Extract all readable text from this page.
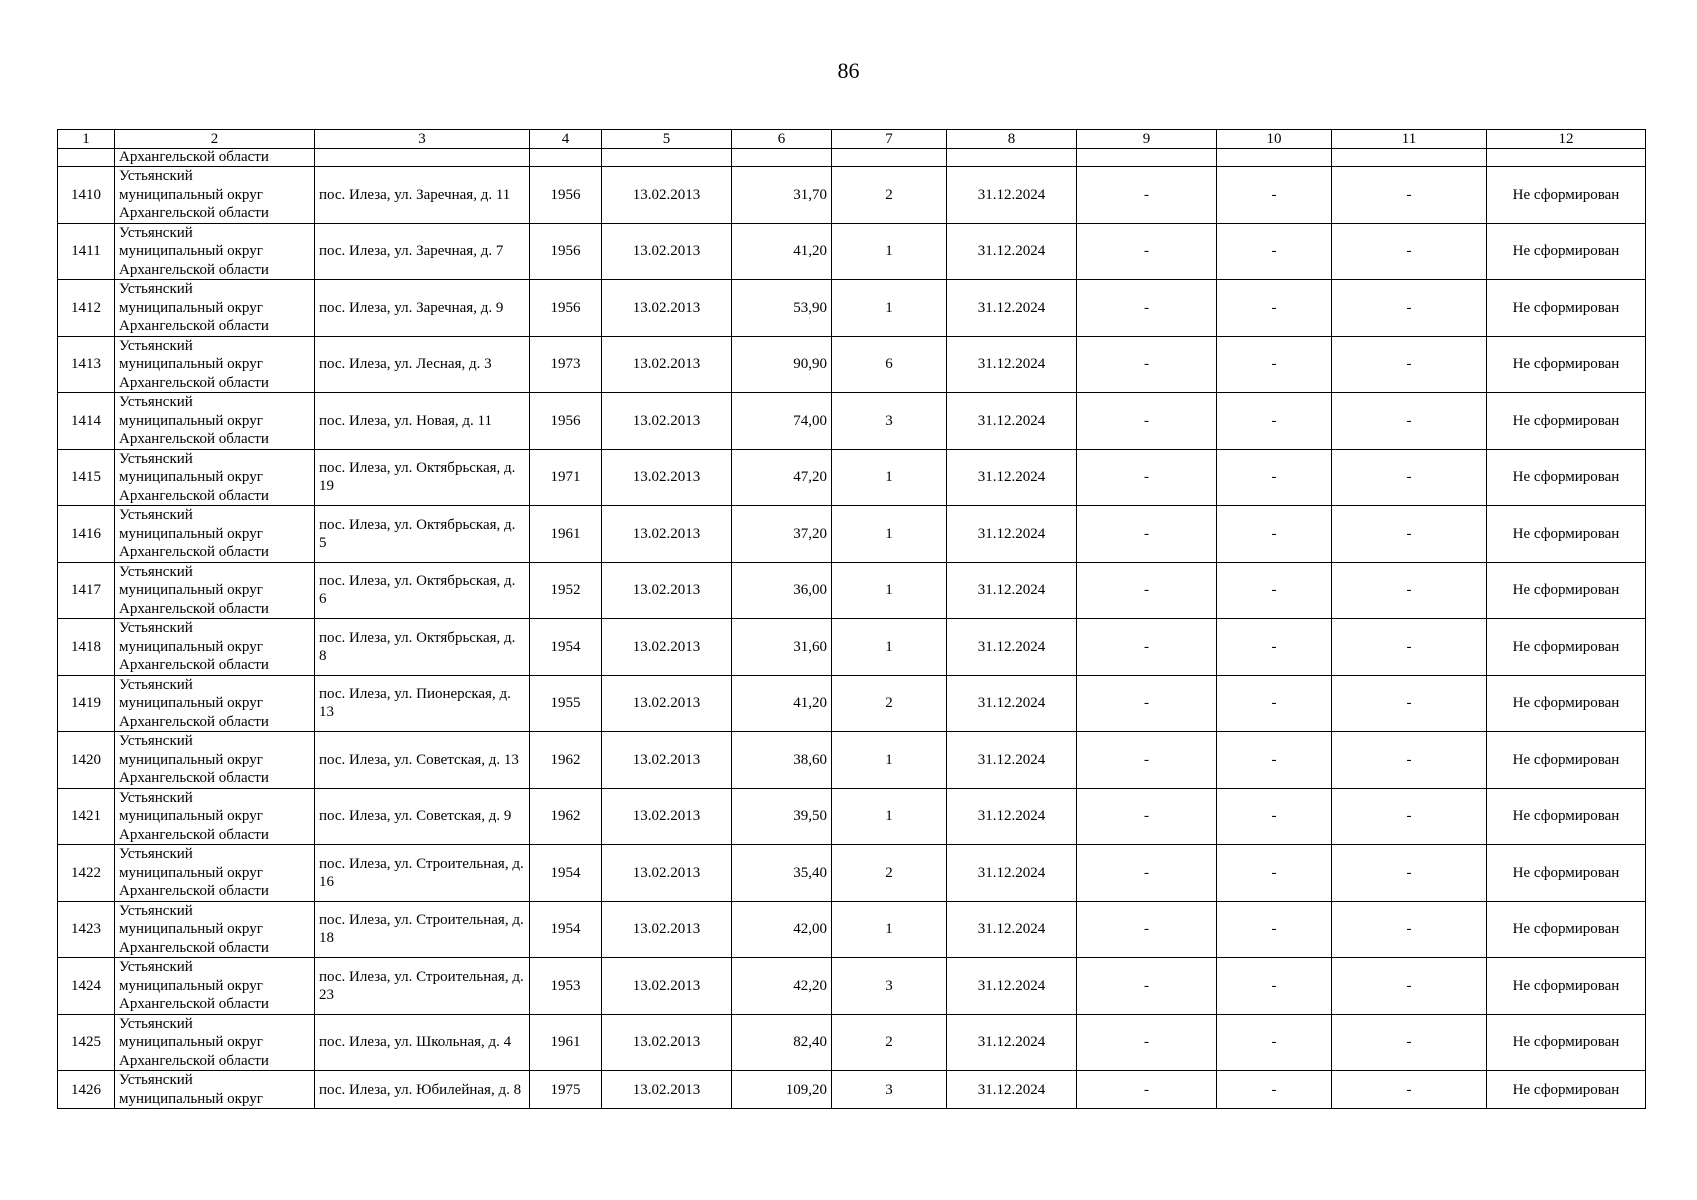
86
1	2	3	4	5	6	7	8	9	10	11	12
	Архангельской области										
1410	Устьянский
муниципальный округ
Архангельской области	пос. Илеза, ул. Заречная, д. 11	1956	13.02.2013	31,70	2	31.12.2024	-	-	-	Не сформирован
1411	Устьянский
муниципальный округ
Архангельской области	пос. Илеза, ул. Заречная, д. 7	1956	13.02.2013	41,20	1	31.12.2024	-	-	-	Не сформирован
1412	Устьянский
муниципальный округ
Архангельской области	пос. Илеза, ул. Заречная, д. 9	1956	13.02.2013	53,90	1	31.12.2024	-	-	-	Не сформирован
1413	Устьянский
муниципальный округ
Архангельской области	пос. Илеза, ул. Лесная, д. 3	1973	13.02.2013	90,90	6	31.12.2024	-	-	-	Не сформирован
1414	Устьянский
муниципальный округ
Архангельской области	пос. Илеза, ул. Новая, д. 11	1956	13.02.2013	74,00	3	31.12.2024	-	-	-	Не сформирован
1415	Устьянский
муниципальный округ
Архангельской области	пос. Илеза, ул. Октябрьская, д. 19	1971	13.02.2013	47,20	1	31.12.2024	-	-	-	Не сформирован
1416	Устьянский
муниципальный округ
Архангельской области	пос. Илеза, ул. Октябрьская, д. 5	1961	13.02.2013	37,20	1	31.12.2024	-	-	-	Не сформирован
1417	Устьянский
муниципальный округ
Архангельской области	пос. Илеза, ул. Октябрьская, д. 6	1952	13.02.2013	36,00	1	31.12.2024	-	-	-	Не сформирован
1418	Устьянский
муниципальный округ
Архангельской области	пос. Илеза, ул. Октябрьская, д. 8	1954	13.02.2013	31,60	1	31.12.2024	-	-	-	Не сформирован
1419	Устьянский
муниципальный округ
Архангельской области	пос. Илеза, ул. Пионерская, д. 13	1955	13.02.2013	41,20	2	31.12.2024	-	-	-	Не сформирован
1420	Устьянский
муниципальный округ
Архангельской области	пос. Илеза, ул. Советская, д. 13	1962	13.02.2013	38,60	1	31.12.2024	-	-	-	Не сформирован
1421	Устьянский
муниципальный округ
Архангельской области	пос. Илеза, ул. Советская, д. 9	1962	13.02.2013	39,50	1	31.12.2024	-	-	-	Не сформирован
1422	Устьянский
муниципальный округ
Архангельской области	пос. Илеза, ул. Строительная, д. 16	1954	13.02.2013	35,40	2	31.12.2024	-	-	-	Не сформирован
1423	Устьянский
муниципальный округ
Архангельской области	пос. Илеза, ул. Строительная, д. 18	1954	13.02.2013	42,00	1	31.12.2024	-	-	-	Не сформирован
1424	Устьянский
муниципальный округ
Архангельской области	пос. Илеза, ул. Строительная, д. 23	1953	13.02.2013	42,20	3	31.12.2024	-	-	-	Не сформирован
1425	Устьянский
муниципальный округ
Архангельской области	пос. Илеза, ул. Школьная, д. 4	1961	13.02.2013	82,40	2	31.12.2024	-	-	-	Не сформирован
1426	Устьянский
муниципальный округ	пос. Илеза, ул. Юбилейная, д. 8	1975	13.02.2013	109,20	3	31.12.2024	-	-	-	Не сформирован
